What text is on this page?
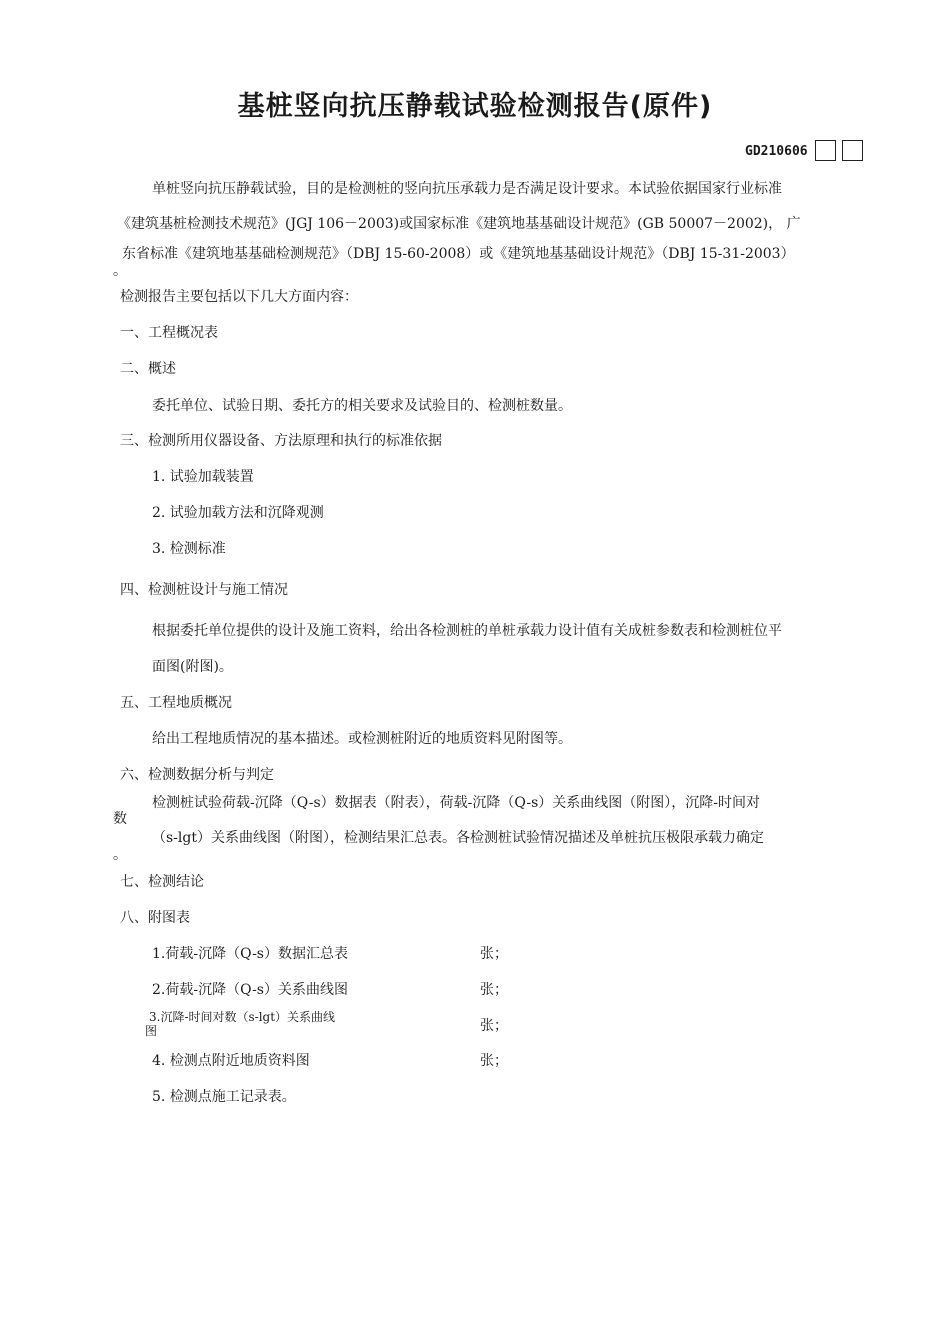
基桩竖向抗压静载试验检测报告(原件)
GD210606
单桩竖向抗压静载试验，目的是检测桩的竖向抗压承载力是否满足设计要求。本试验依据国家行业标准
《建筑基桩检测技术规范》(JGJ 106－2003)或国家标准《建筑地基基础设计规范》(GB 50007－2002)， 广
东省标准《建筑地基基础检测规范》（DBJ 15-60-2008）或《建筑地基基础设计规范》（DBJ 15-31-2003）
。
检测报告主要包括以下几大方面内容：
一、工程概况表
二、概述
委托单位、试验日期、委托方的相关要求及试验目的、检测桩数量。
三、检测所用仪器设备、方法原理和执行的标准依据
1. 试验加载装置
2. 试验加载方法和沉降观测
3. 检测标准
四、检测桩设计与施工情况
根据委托单位提供的设计及施工资料，给出各检测桩的单桩承载力设计值有关成桩参数表和检测桩位平
面图(附图)。
五、工程地质概况
给出工程地质情况的基本描述。或检测桩附近的地质资料见附图等。
六、检测数据分析与判定
检测桩试验荷载-沉降（Q-s）数据表（附表），荷载-沉降（Q-s）关系曲线图（附图），沉降-时间对
数
（s-lgt）关系曲线图（附图），检测结果汇总表。各检测桩试验情况描述及单桩抗压极限承载力确定
。
七、检测结论
八、附图表
1.荷载-沉降（Q-s）数据汇总表	张；
2.荷载-沉降（Q-s）关系曲线图	张；
3.沉降-时间对数（s-lgt）关系曲线
图	张；
4. 检测点附近地质资料图	张；
5. 检测点施工记录表。
